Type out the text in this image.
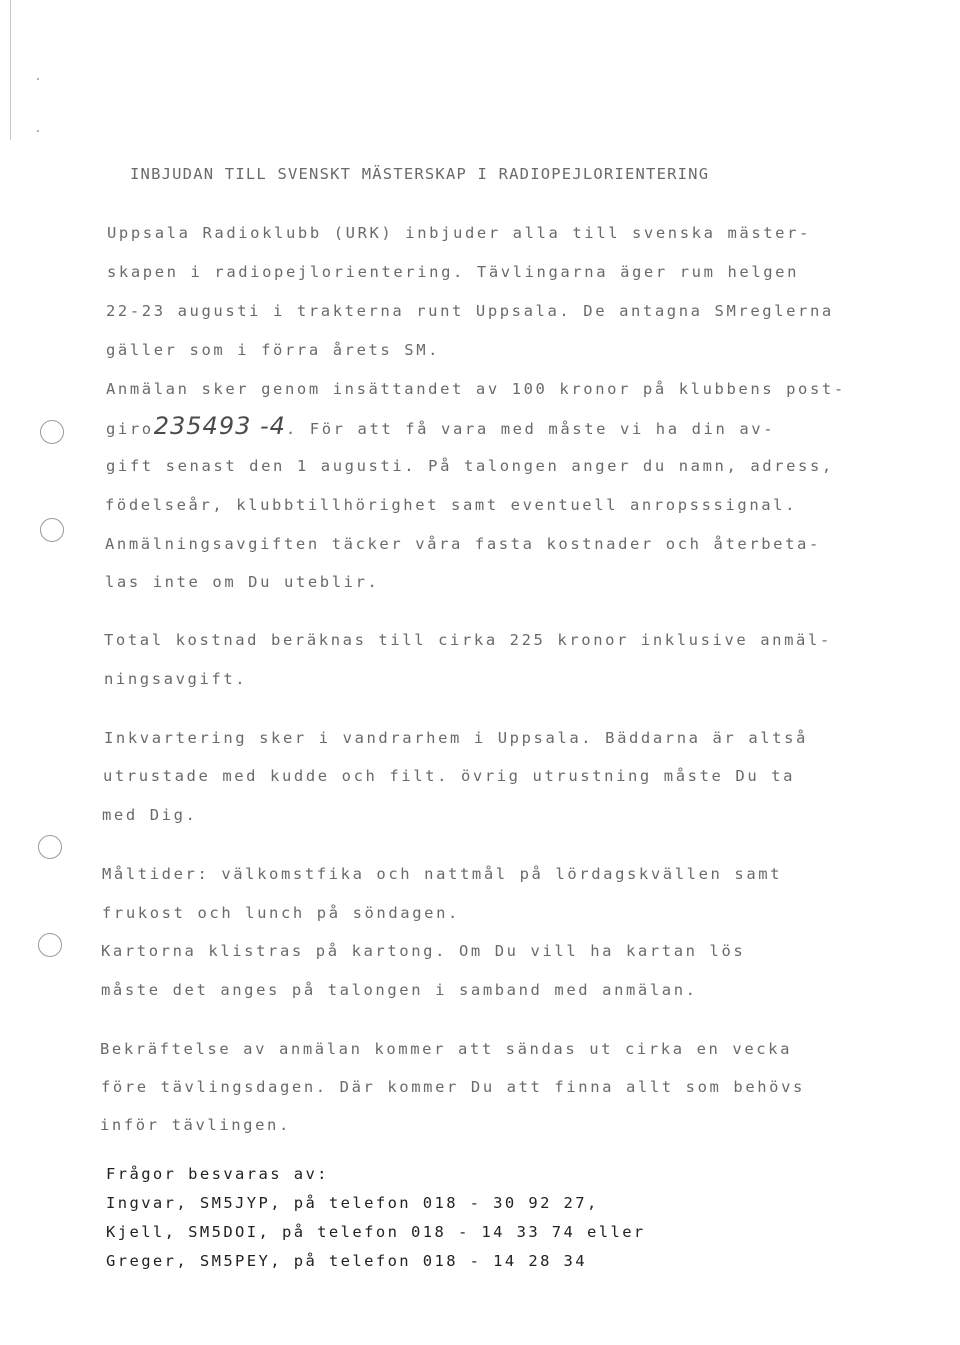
INBJUDAN TILL SVENSKT MÄSTERSKAP I RADIOPEJLORIENTERING
Uppsala Radioklubb (URK) inbjuder alla till svenska mäster-
skapen i radiopejlorientering. Tävlingarna äger rum helgen
22-23 augusti i trakterna runt Uppsala. De antagna SMreglerna
gäller som i förra årets SM.
Anmälan sker genom insättandet av 100 kronor på klubbens post-
giro235493 -4. För att få vara med måste vi ha din av-
gift senast den 1 augusti. På talongen anger du namn, adress,
födelseår, klubbtillhörighet samt eventuell anropsssignal.
Anmälningsavgiften täcker våra fasta kostnader och återbeta-
las inte om Du uteblir.
Total kostnad beräknas till cirka 225 kronor inklusive anmäl-
ningsavgift.
Inkvartering sker i vandrarhem i Uppsala. Bäddarna är altså
utrustade med kudde och filt. övrig utrustning måste Du ta
med Dig.
Måltider: välkomstfika och nattmål på lördagskvällen samt
frukost och lunch på söndagen.
Kartorna klistras på kartong. Om Du vill ha kartan lös
måste det anges på talongen i samband med anmälan.
Bekräftelse av anmälan kommer att sändas ut cirka en vecka
före tävlingsdagen. Där kommer Du att finna allt som behövs
inför tävlingen.
Frågor besvaras av:
Ingvar, SM5JYP, på telefon 018 - 30 92 27,
Kjell, SM5DOI, på telefon 018 - 14 33 74 eller
Greger, SM5PEY, på telefon 018 - 14 28 34
